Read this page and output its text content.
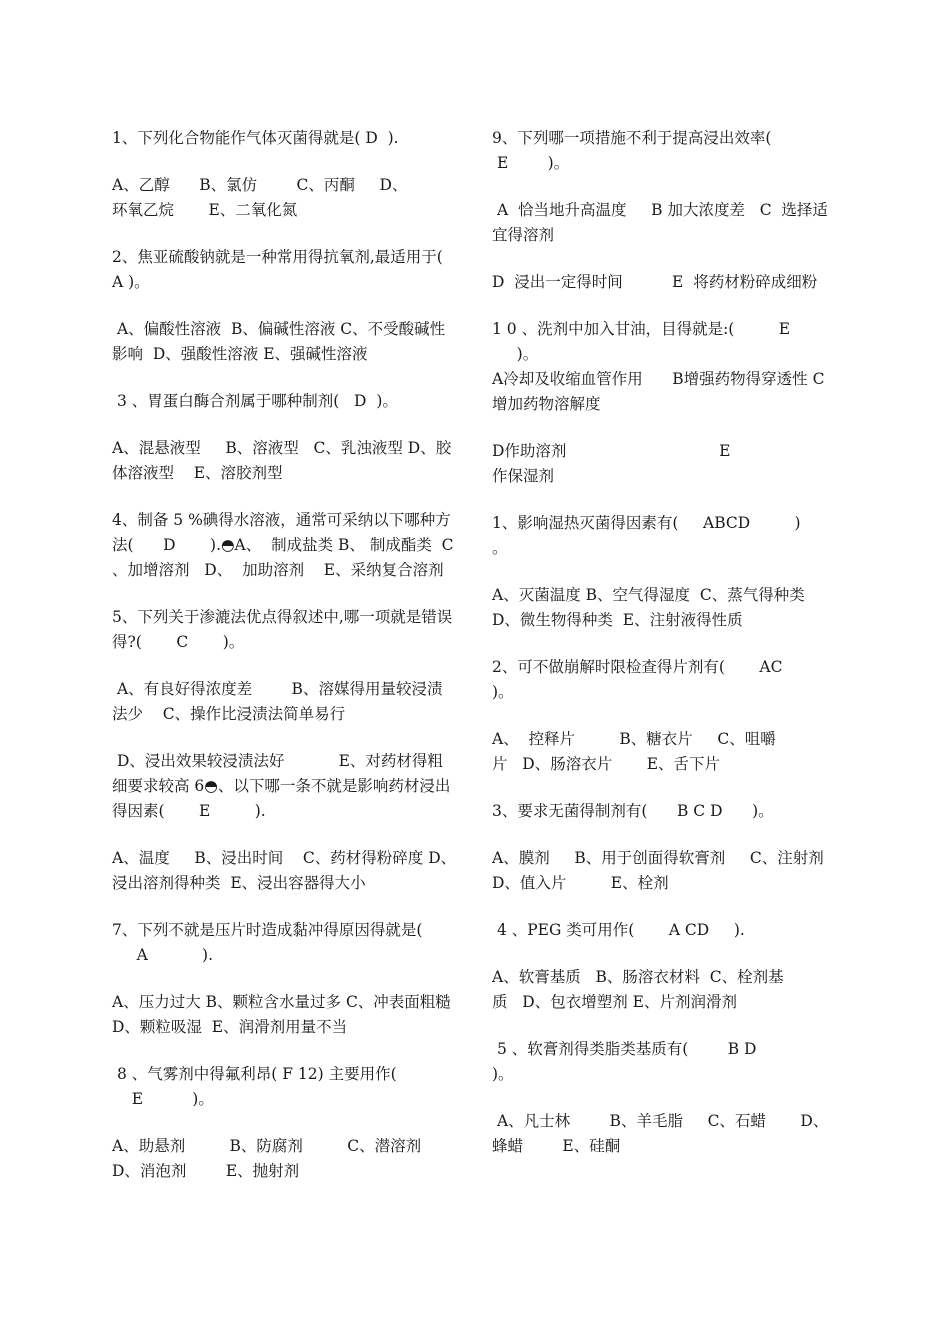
1、下列化合物能作气体灭菌得就是( D  ).
A、乙醇      B、氯仿        C、丙酮     D、
环氧乙烷       E、二氧化氮
2、焦亚硫酸钠就是一种常用得抗氧剂,最适用于(  A )。
A、偏酸性溶液  B、偏碱性溶液 C、不受酸碱性影响  D、强酸性溶液 E、强碱性溶液
3 、胃蛋白酶合剂属于哪种制剂(   D  )。
A、混悬液型     B、溶液型   C、乳浊液型 D、胶体溶液型    E、溶胶剂型
4、制备 5 %碘得水溶液，通常可采纳以下哪种方法(      D       ).◓A、  制成盐类 B、 制成酯类  C  、加增溶剂   D、  加助溶剂    E、采纳复合溶剂
5、下列关于渗漉法优点得叙述中,哪一项就是错误得?(       C       )。
A、有良好得浓度差        B、溶媒得用量较浸渍法少    C、操作比浸渍法简单易行
D、浸出效果较浸渍法好           E、对药材得粗细要求较高 6◓、以下哪一条不就是影响药材浸出得因素(       E         ).
A、温度     B、浸出时间    C、药材得粉碎度 D、浸出溶剂得种类  E、浸出容器得大小
7、下列不就是压片时造成黏冲得原因得就是(
A           ).
A、压力过大 B、颗粒含水量过多 C、冲表面粗糙   D、颗粒吸湿  E、润滑剂用量不当
8 、气雾剂中得氟利昂( F 12) 主要用作(
E          )。
A、助悬剂         B、防腐剂         C、潜溶剂     D、消泡剂        E、抛射剂
9、下列哪一项措施不利于提高浸出效率(
E        )。
A  恰当地升高温度     B 加大浓度差   C  选择适宜得溶剂
D  浸出一定得时间          E  将药材粉碎成细粉
1 0 、洗剂中加入甘油，目得就是:(         E
)。
A冷却及收缩血管作用      B增强药物得穿透性 C增加药物溶解度
D作助溶剂                               E
作保湿剂
1、影响湿热灭菌得因素有(     ABCD         )
。
A、灭菌温度 B、空气得湿度  C、蒸气得种类 D、微生物得种类  E、注射液得性质
2、可不做崩解时限检查得片剂有(       AC
)。
A、  控释片         B、糖衣片     C、咀嚼
片   D、肠溶衣片       E、舌下片
3、要求无菌得制剂有(      B C D      )。
A、膜剂     B、用于创面得软膏剂     C、注射剂       D、值入片         E、栓剂
4 、PEG 类可用作(       A CD     ).
A、软膏基质   B、肠溶衣材料  C、栓剂基
质   D、包衣增塑剂 E、片剂润滑剂
5 、软膏剂得类脂类基质有(        B D
)。
A、凡士林        B、羊毛脂     C、石蜡       D、蜂蜡        E、硅酮
